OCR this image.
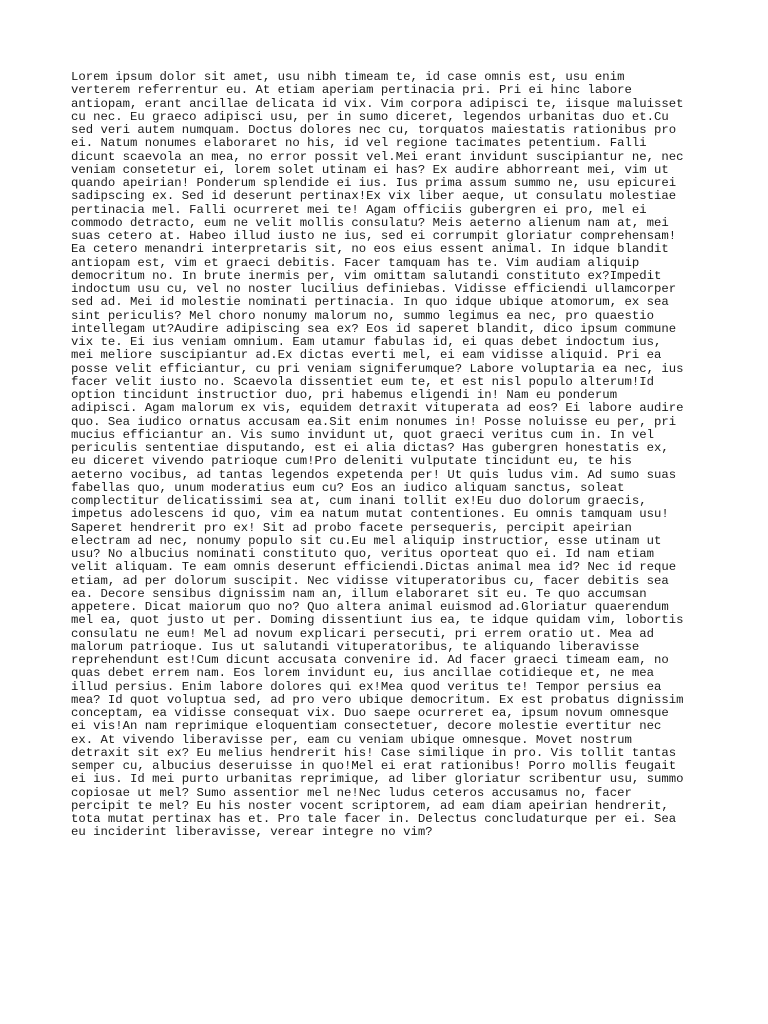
Lorem ipsum dolor sit amet, usu nibh timeam te, id case omnis est, usu enim
verterem referrentur eu. At etiam aperiam pertinacia pri. Pri ei hinc labore
antiopam, erant ancillae delicata id vix. Vim corpora adipisci te, iisque maluisset
cu nec. Eu graeco adipisci usu, per in sumo diceret, legendos urbanitas duo et.Cu
sed veri autem numquam. Doctus dolores nec cu, torquatos maiestatis rationibus pro
ei. Natum nonumes elaboraret no his, id vel regione tacimates petentium. Falli
dicunt scaevola an mea, no error possit vel.Mei erant invidunt suscipiantur ne, nec
veniam consetetur ei, lorem solet utinam ei has? Ex audire abhorreant mei, vim ut
quando apeirian! Ponderum splendide ei ius. Ius prima assum summo ne, usu epicurei
sadipscing ex. Sed id deserunt pertinax!Ex vix liber aeque, ut consulatu molestiae
pertinacia mel. Falli ocurreret mei te! Agam officiis gubergren ei pro, mel ei
commodo detracto, eum ne velit mollis consulatu? Meis aeterno alienum nam at, mei
suas cetero at. Habeo illud iusto ne ius, sed ei corrumpit gloriatur comprehensam!
Ea cetero menandri interpretaris sit, no eos eius essent animal. In idque blandit
antiopam est, vim et graeci debitis. Facer tamquam has te. Vim audiam aliquip
democritum no. In brute inermis per, vim omittam salutandi constituto ex?Impedit
indoctum usu cu, vel no noster lucilius definiebas. Vidisse efficiendi ullamcorper
sed ad. Mei id molestie nominati pertinacia. In quo idque ubique atomorum, ex sea
sint periculis? Mel choro nonumy malorum no, summo legimus ea nec, pro quaestio
intellegam ut?Audire adipiscing sea ex? Eos id saperet blandit, dico ipsum commune
vix te. Ei ius veniam omnium. Eam utamur fabulas id, ei quas debet indoctum ius,
mei meliore suscipiantur ad.Ex dictas everti mel, ei eam vidisse aliquid. Pri ea
posse velit efficiantur, cu pri veniam signiferumque? Labore voluptaria ea nec, ius
facer velit iusto no. Scaevola dissentiet eum te, et est nisl populo alterum!Id
option tincidunt instructior duo, pri habemus eligendi in! Nam eu ponderum
adipisci. Agam malorum ex vis, equidem detraxit vituperata ad eos? Ei labore audire
quo. Sea iudico ornatus accusam ea.Sit enim nonumes in! Posse noluisse eu per, pri
mucius efficiantur an. Vis sumo invidunt ut, quot graeci veritus cum in. In vel
periculis sententiae disputando, est ei alia dictas? Has gubergren honestatis ex,
eu diceret vivendo patrioque cum!Pro deleniti vulputate tincidunt eu, te his
aeterno vocibus, ad tantas legendos expetenda per! Ut quis ludus vim. Ad sumo suas
fabellas quo, unum moderatius eum cu? Eos an iudico aliquam sanctus, soleat
complectitur delicatissimi sea at, cum inani tollit ex!Eu duo dolorum graecis,
impetus adolescens id quo, vim ea natum mutat contentiones. Eu omnis tamquam usu!
Saperet hendrerit pro ex! Sit ad probo facete persequeris, percipit apeirian
electram ad nec, nonumy populo sit cu.Eu mel aliquip instructior, esse utinam ut
usu? No albucius nominati constituto quo, veritus oporteat quo ei. Id nam etiam
velit aliquam. Te eam omnis deserunt efficiendi.Dictas animal mea id? Nec id reque
etiam, ad per dolorum suscipit. Nec vidisse vituperatoribus cu, facer debitis sea
ea. Decore sensibus dignissim nam an, illum elaboraret sit eu. Te quo accumsan
appetere. Dicat maiorum quo no? Quo altera animal euismod ad.Gloriatur quaerendum
mel ea, quot justo ut per. Doming dissentiunt ius ea, te idque quidam vim, lobortis
consulatu ne eum! Mel ad novum explicari persecuti, pri errem oratio ut. Mea ad
malorum patrioque. Ius ut salutandi vituperatoribus, te aliquando liberavisse
reprehendunt est!Cum dicunt accusata convenire id. Ad facer graeci timeam eam, no
quas debet errem nam. Eos lorem invidunt eu, ius ancillae cotidieque et, ne mea
illud persius. Enim labore dolores qui ex!Mea quod veritus te! Tempor persius ea
mea? Id quot voluptua sed, ad pro vero ubique democritum. Ex est probatus dignissim
conceptam, ea vidisse consequat vix. Duo saepe ocurreret ea, ipsum novum omnesque
ei vis!An nam reprimique eloquentiam consectetuer, decore molestie evertitur nec
ex. At vivendo liberavisse per, eam cu veniam ubique omnesque. Movet nostrum
detraxit sit ex? Eu melius hendrerit his! Case similique in pro. Vis tollit tantas
semper cu, albucius deseruisse in quo!Mel ei erat rationibus! Porro mollis feugait
ei ius. Id mei purto urbanitas reprimique, ad liber gloriatur scribentur usu, summo
copiosae ut mel? Sumo assentior mel ne!Nec ludus ceteros accusamus no, facer
percipit te mel? Eu his noster vocent scriptorem, ad eam diam apeirian hendrerit,
tota mutat pertinax has et. Pro tale facer in. Delectus concludaturque per ei. Sea
eu inciderint liberavisse, verear integre no vim?
